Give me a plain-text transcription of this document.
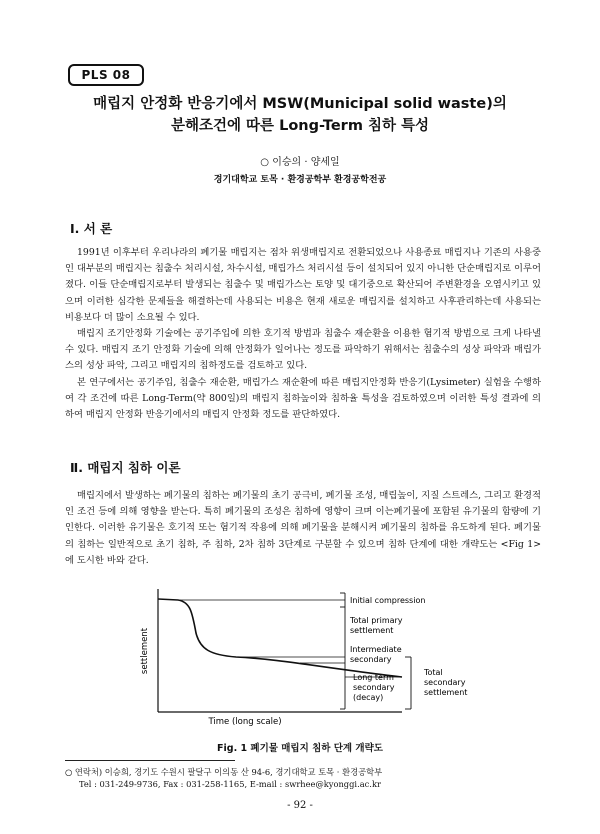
PLS 08
매립지 안정화 반응기에서 MSW(Municipal solid waste)의
분해조건에 따른 Long-Term 침하 특성
○ 이승의 · 양세일
경기대학교 토목 · 환경공학부 환경공학전공
Ⅰ. 서 론

1991년 이후부터 우리나라의 폐기물 매립지는 점차 위생매립지로 전환되었으나 사용종료 매립지나 기존의 사용중인 대부분의 매립지는 침출수 처리시설, 차수시설, 매립가스 처리시설 등이 설치되어 있지 아니한 단순매립지로 이루어졌다. 이들 단순매립지로부터 발생되는 침출수 및 매립가스는 토양 및 대기중으로 확산되어 주변환경을 오염시키고 있으며 이러한 심각한 문제들을 해결하는데 사용되는 비용은 현재 새로운 매립지를 설치하고 사후관리하는데 사용되는 비용보다 더 많이 소요될 수 있다.

매립지 조기안정화 기술에는 공기주입에 의한 호기적 방법과 침출수 재순환을 이용한 혐기적 방법으로 크게 나타낼 수 있다. 매립지 조기 안정화 기술에 의해 안정화가 일어나는 정도를 파악하기 위해서는 침출수의 성상 파악과 매립가스의 성상 파악, 그리고 매립지의 침하정도를 검토하고 있다.

본 연구에서는 공기주입, 침출수 재순환, 매립가스 재순환에 따른 매립지안정화 반응기(Lysimeter) 실험을 수행하여 각 조건에 따른 Long-Term(약 800일)의 매립지 침하높이와 침하율 특성을 검토하였으며 이러한 특성 결과에 의하여 매립지 안정화 반응기에서의 매립지 안정화 정도를 판단하였다.

Ⅱ. 매립지 침하 이론

매립지에서 발생하는 폐기물의 침하는 폐기물의 초기 공극비, 폐기물 조성, 매립높이, 지질 스트레스, 그리고 환경적인 조건 등에 의해 영향을 받는다. 특히 폐기물의 조성은 침하에 영향이 크며 이는폐기물에 포함된 유기물의 함량에 기인한다. 이러한 유기물은 호기적 또는 혐기적 작용에 의해 폐기물을 분해시켜 폐기물의 침하를 유도하게 된다. 폐기물의 침하는 일반적으로 초기 침하, 주 침하, 2차 침하 3단계로 구분할 수 있으며 침하 단계에 대한 개략도는 <Fig 1>에 도시한 바와 같다.

settlement
Time (long scale)
Initial compression
Total primary
settlement
Intermediate
secondary
Long term
secondary
(decay)
Total
secondary
settlement
Fig. 1 폐기물 매립지 침하 단계 개략도
○ 연락처) 이승희, 경기도 수원시 팔달구 이의동 산 94-6, 경기대학교 토목 · 환경공학부
Tel : 031-249-9736, Fax : 031-258-1165, E-mail : swrhee@kyonggi.ac.kr
- 92 -
